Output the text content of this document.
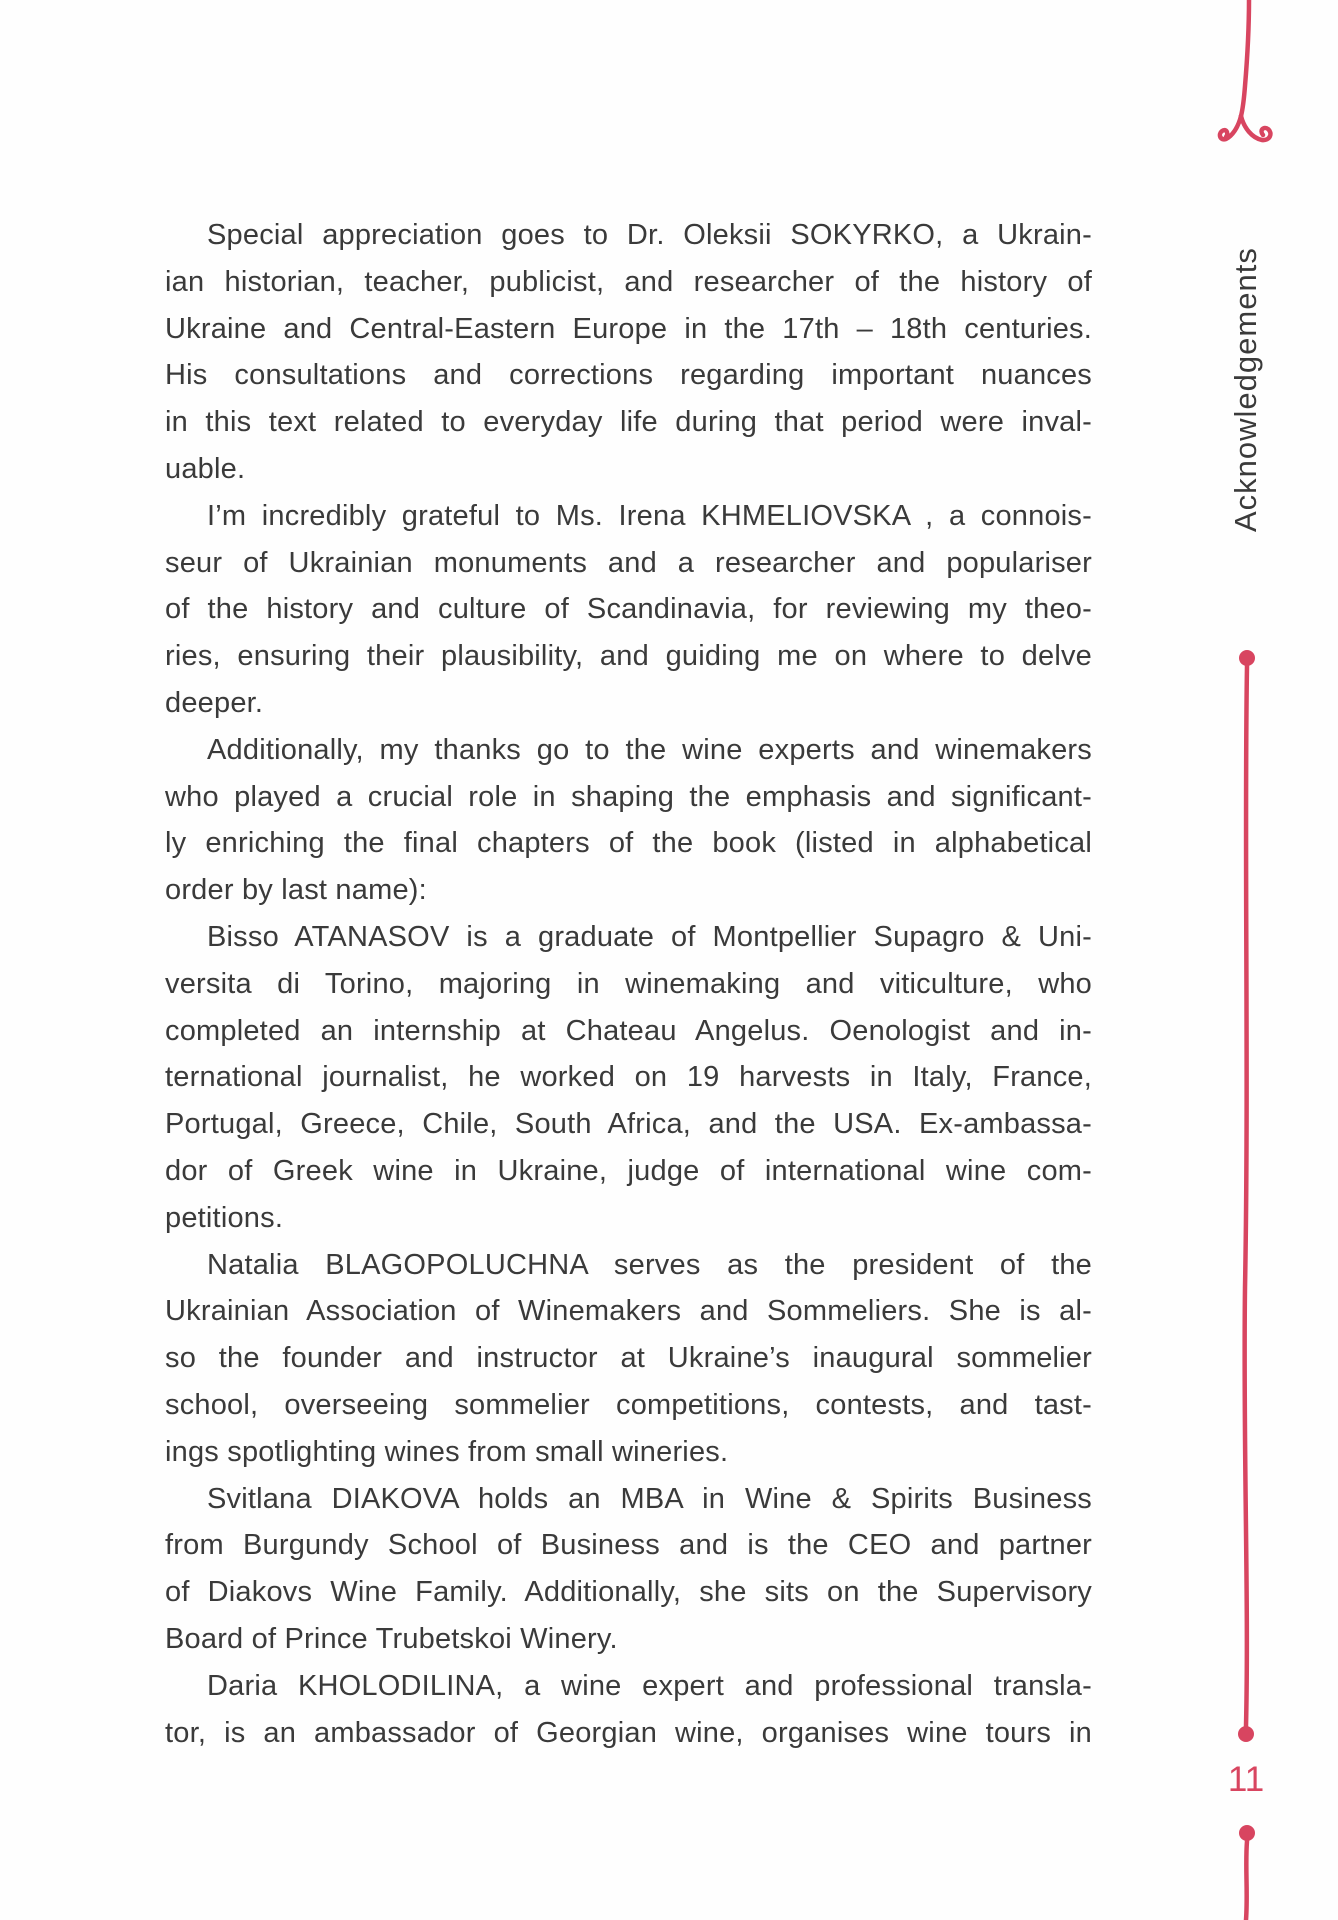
Special appreciation goes to Dr. Oleksii SOKYRKO, a Ukrain-
ian historian, teacher, publicist, and researcher of the history of
Ukraine and Central-Eastern Europe in the 17th – 18th centuries.
His consultations and corrections regarding important nuances
in this text related to everyday life during that period were inval-
uable.

I’m incredibly grateful to Ms. Irena KHMELIOVSKA , a connois-
seur of Ukrainian monuments and a researcher and populariser
of the history and culture of Scandinavia, for reviewing my theo-
ries, ensuring their plausibility, and guiding me on where to delve
deeper.

Additionally, my thanks go to the wine experts and winemakers
who played a crucial role in shaping the emphasis and significant-
ly enriching the final chapters of the book (listed in alphabetical
order by last name):

Bisso ATANASOV is a graduate of Montpellier Supagro & Uni-
versita di Torino, majoring in winemaking and viticulture, who
completed an internship at Chateau Angelus. Oenologist and in-
ternational journalist, he worked on 19 harvests in Italy, France,
Portugal, Greece, Chile, South Africa, and the USA. Ex-ambassa-
dor of Greek wine in Ukraine, judge of international wine com-
petitions.

Natalia BLAGOPOLUCHNA serves as the president of the
Ukrainian Association of Winemakers and Sommeliers. She is al-
so the founder and instructor at Ukraine’s inaugural sommelier
school, overseeing sommelier competitions, contests, and tast-
ings spotlighting wines from small wineries.

Svitlana DIAKOVA holds an MBA in Wine & Spirits Business
from Burgundy School of Business and is the CEO and partner
of Diakovs Wine Family. Additionally, she sits on the Supervisory
Board of Prince Trubetskoi Winery.

Daria KHOLODILINA, a wine expert and professional transla-
tor, is an ambassador of Georgian wine, organises wine tours in

Acknowledgements
11
